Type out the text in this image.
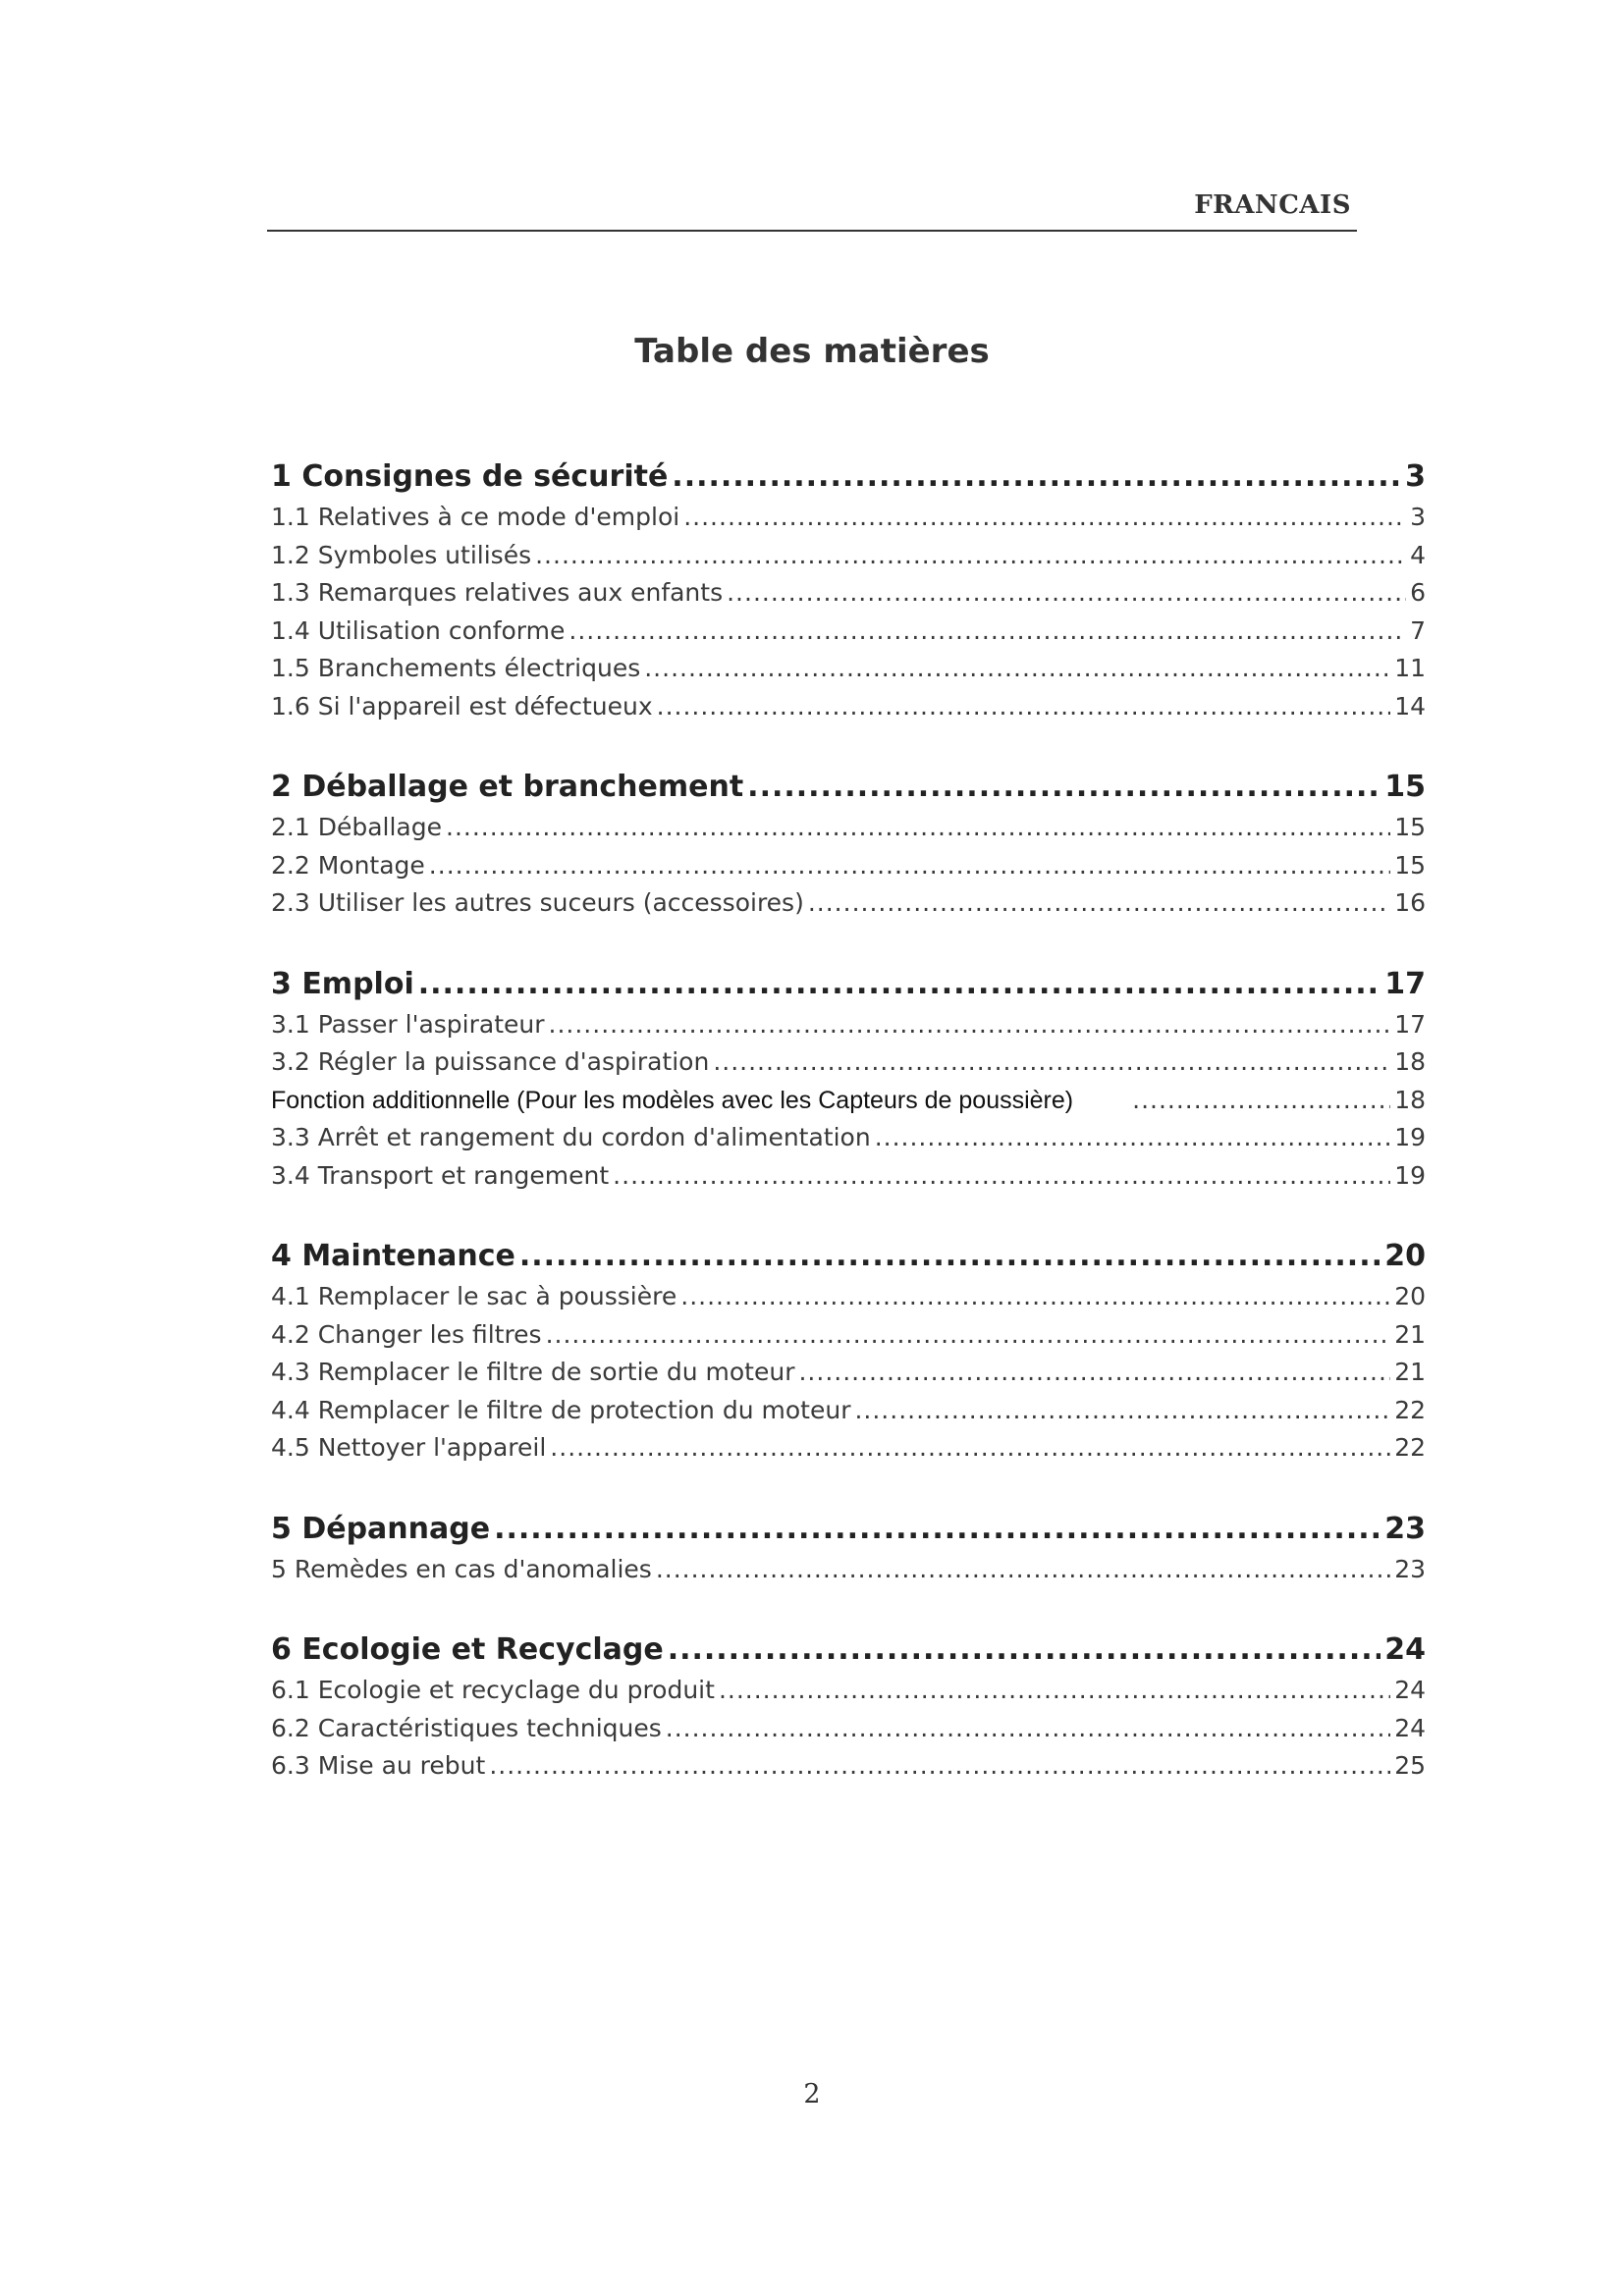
FRANCAIS
Table des matières
1 Consignes de sécurité .....	3
1.1 Relatives à ce mode d'emploi .....	3
1.2 Symboles utilisés .....	4
1.3 Remarques relatives aux enfants .....	6
1.4 Utilisation conforme .....	7
1.5 Branchements électriques .....	11
1.6 Si l'appareil est défectueux .....	14
2 Déballage et branchement .....	15
2.1 Déballage .....	15
2.2 Montage .....	15
2.3 Utiliser les autres suceurs (accessoires) .....	16
3 Emploi .....	17
3.1 Passer l'aspirateur .....	17
3.2 Régler la puissance d'aspiration .....	18
Fonction additionnelle (Pour les modèles avec les Capteurs de poussière) .....	18
3.3 Arrêt et rangement du cordon d'alimentation .....	19
3.4 Transport et rangement .....	19
4 Maintenance .....	20
4.1 Remplacer le sac à poussière .....	20
4.2 Changer les filtres .....	21
4.3 Remplacer le filtre de sortie du moteur .....	21
4.4 Remplacer le filtre de protection du moteur .....	22
4.5 Nettoyer l'appareil .....	22
5 Dépannage .....	23
5 Remèdes en cas d'anomalies .....	23
6 Ecologie et Recyclage .....	24
6.1 Ecologie et recyclage du produit .....	24
6.2 Caractéristiques techniques .....	24
6.3 Mise au rebut .....	25
2
